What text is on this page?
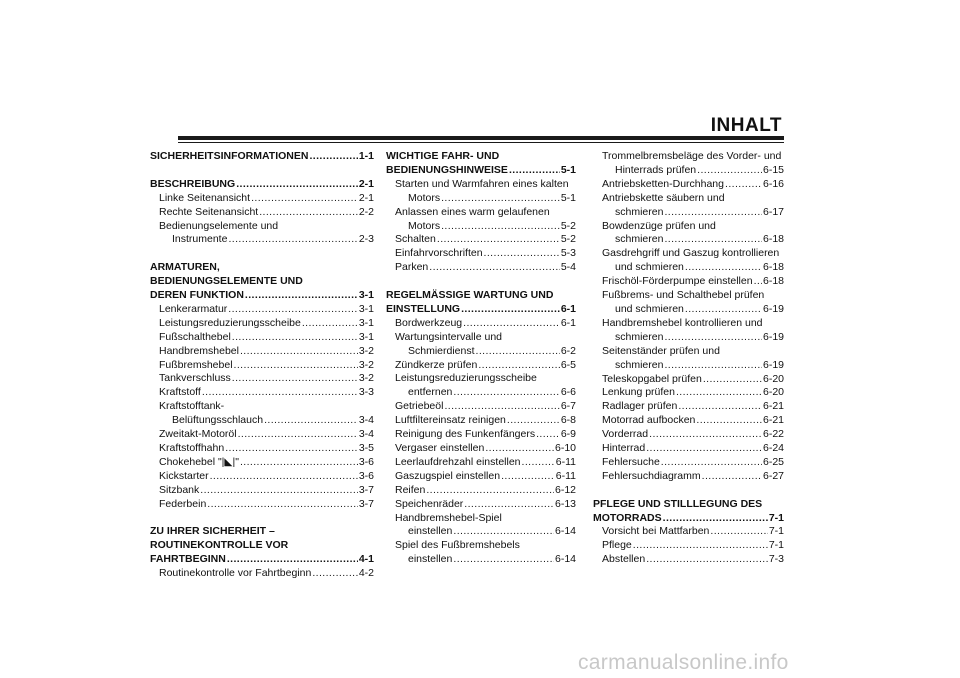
INHALT
SICHERHEITSINFORMATIONEN .....	1-1
BESCHREIBUNG .....	2-1
Linke Seitenansicht .....	2-1
Rechte Seitenansicht .....	2-2
Bedienungselemente und
Instrumente .....	2-3
ARMATUREN,
BEDIENUNGSELEMENTE UND
DEREN FUNKTION .....	3-1
Lenkerarmatur .....	3-1
Leistungsreduzierungsscheibe .....	3-1
Fußschalthebel .....	3-1
Handbremshebel .....	3-2
Fußbremshebel .....	3-2
Tankverschluss .....	3-2
Kraftstoff .....	3-3
Kraftstofftank-
Belüftungsschlauch .....	3-4
Zweitakt-Motoröl .....	3-4
Kraftstoffhahn .....	3-5
Chokehebel "|◣|" .....	3-6
Kickstarter .....	3-6
Sitzbank .....	3-7
Federbein .....	3-7
ZU IHRER SICHERHEIT –
ROUTINEKONTROLLE VOR
FAHRTBEGINN .....	4-1
Routinekontrolle vor Fahrtbeginn .....	4-2
WICHTIGE FAHR- UND
BEDIENUNGSHINWEISE .....	5-1
Starten und Warmfahren eines kalten
Motors .....	5-1
Anlassen eines warm gelaufenen
Motors .....	5-2
Schalten .....	5-2
Einfahrvorschriften .....	5-3
Parken .....	5-4
REGELMÄSSIGE WARTUNG UND
EINSTELLUNG .....	6-1
Bordwerkzeug .....	6-1
Wartungsintervalle und
Schmierdienst .....	6-2
Zündkerze prüfen .....	6-5
Leistungsreduzierungsscheibe
entfernen .....	6-6
Getriebeöl .....	6-7
Luftfiltereinsatz reinigen .....	6-8
Reinigung des Funkenfängers ..... 6-9
Vergaser einstellen .....	6-10
Leerlaufdrehzahl einstellen .....	6-11
Gaszugspiel einstellen .....	6-11
Reifen .....	6-12
Speichenräder .....	6-13
Handbremshebel-Spiel
einstellen .....	6-14
Spiel des Fußbremshebels
einstellen .....	6-14
Trommelbremsbeläge des Vorder- und
Hinterrads prüfen .....	6-15
Antriebsketten-Durchhang .....	6-16
Antriebskette säubern und
schmieren .....	6-17
Bowdenzüge prüfen und
schmieren .....	6-18
Gasdrehgriff und Gaszug kontrollieren
und schmieren .....	6-18
Frischöl-Förderpumpe einstellen ..... 6-18
Fußbrems- und Schalthebel prüfen
und schmieren .....	6-19
Handbremshebel kontrollieren und
schmieren .....	6-19
Seitenständer prüfen und
schmieren .....	6-19
Teleskopgabel prüfen .....	6-20
Lenkung prüfen .....	6-20
Radlager prüfen .....	6-21
Motorrad aufbocken .....	6-21
Vorderrad .....	6-22
Hinterrad .....	6-24
Fehlersuche .....	6-25
Fehlersuchdiagramm .....	6-27
PFLEGE UND STILLLEGUNG DES
MOTORRADS .....	7-1
Vorsicht bei Mattfarben .....	7-1
Pflege .....	7-1
Abstellen .....	7-3
carmanualsonline.info
